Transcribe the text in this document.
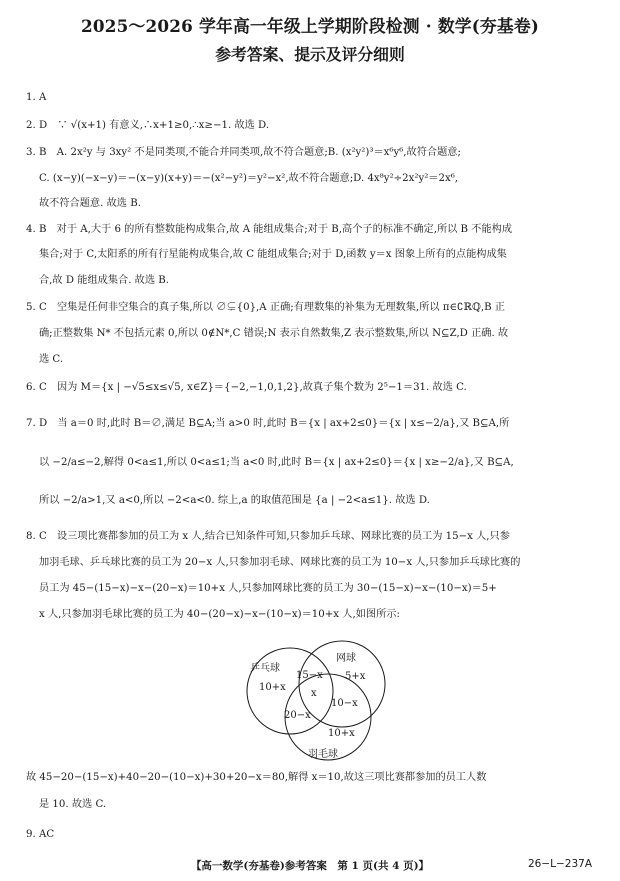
2025～2026 学年高一年级上学期阶段检测 · 数学(夯基卷)
参考答案、提示及评分细则
1. A
2. D　∵ √(x+1) 有意义,∴x+1≥0,∴x≥−1. 故选 D.
3. B　A. 2x²y 与 3xy² 不是同类项,不能合并同类项,故不符合题意;B. (x²y²)³＝x⁶y⁶,故符合题意;
C. (x−y)(−x−y)＝−(x−y)(x+y)＝−(x²−y²)＝y²−x²,故不符合题意;D. 4x⁸y²÷2x²y²＝2x⁶,
故不符合题意. 故选 B.
4. B　对于 A,大于 6 的所有整数能构成集合,故 A 能组成集合;对于 B,高个子的标准不确定,所以 B 不能构成
集合;对于 C,太阳系的所有行星能构成集合,故 C 能组成集合;对于 D,函数 y＝x 图象上所有的点能构成集
合,故 D 能组成集合. 故选 B.
5. C　空集是任何非空集合的真子集,所以 ∅⊊{0},A 正确;有理数集的补集为无理数集,所以 π∈∁ℝℚ,B 正
确;正整数集 N* 不包括元素 0,所以 0∉N*,C 错误;N 表示自然数集,Z 表示整数集,所以 N⊆Z,D 正确. 故
选 C.
6. C　因为 M＝{x | −√5≤x≤√5, x∈Z}＝{−2,−1,0,1,2},故真子集个数为 2⁵−1＝31. 故选 C.
7. D　当 a＝0 时,此时 B＝∅,满足 B⊆A;当 a>0 时,此时 B＝{x | ax+2≤0}＝{x | x≤−2/a},又 B⊆A,所
以 −2/a≤−2,解得 0<a≤1,所以 0<a≤1;当 a<0 时,此时 B＝{x | ax+2≤0}＝{x | x≥−2/a},又 B⊆A,
所以 −2/a>1,又 a<0,所以 −2<a<0. 综上,a 的取值范围是 {a | −2<a≤1}. 故选 D.
8. C　设三项比赛都参加的员工为 x 人,结合已知条件可知,只参加乒乓球、网球比赛的员工为 15−x 人,只参
加羽毛球、乒乓球比赛的员工为 20−x 人,只参加羽毛球、网球比赛的员工为 10−x 人,只参加乒乓球比赛的
员工为 45−(15−x)−x−(20−x)＝10+x 人,只参加网球比赛的员工为 30−(15−x)−x−(10−x)＝5+
x 人,只参加羽毛球比赛的员工为 40−(20−x)−x−(10−x)＝10+x 人,如图所示:
乒乓球
网球
羽毛球
10+x
5+x
15−x
x
10−x
20−x
10+x
故 45−20−(15−x)+40−20−(10−x)+30+20−x＝80,解得 x＝10,故这三项比赛都参加的员工人数
是 10. 故选 C.
9. AC
【高一数学(夯基卷)参考答案　第 1 页(共 4 页)】	26−L−237A
